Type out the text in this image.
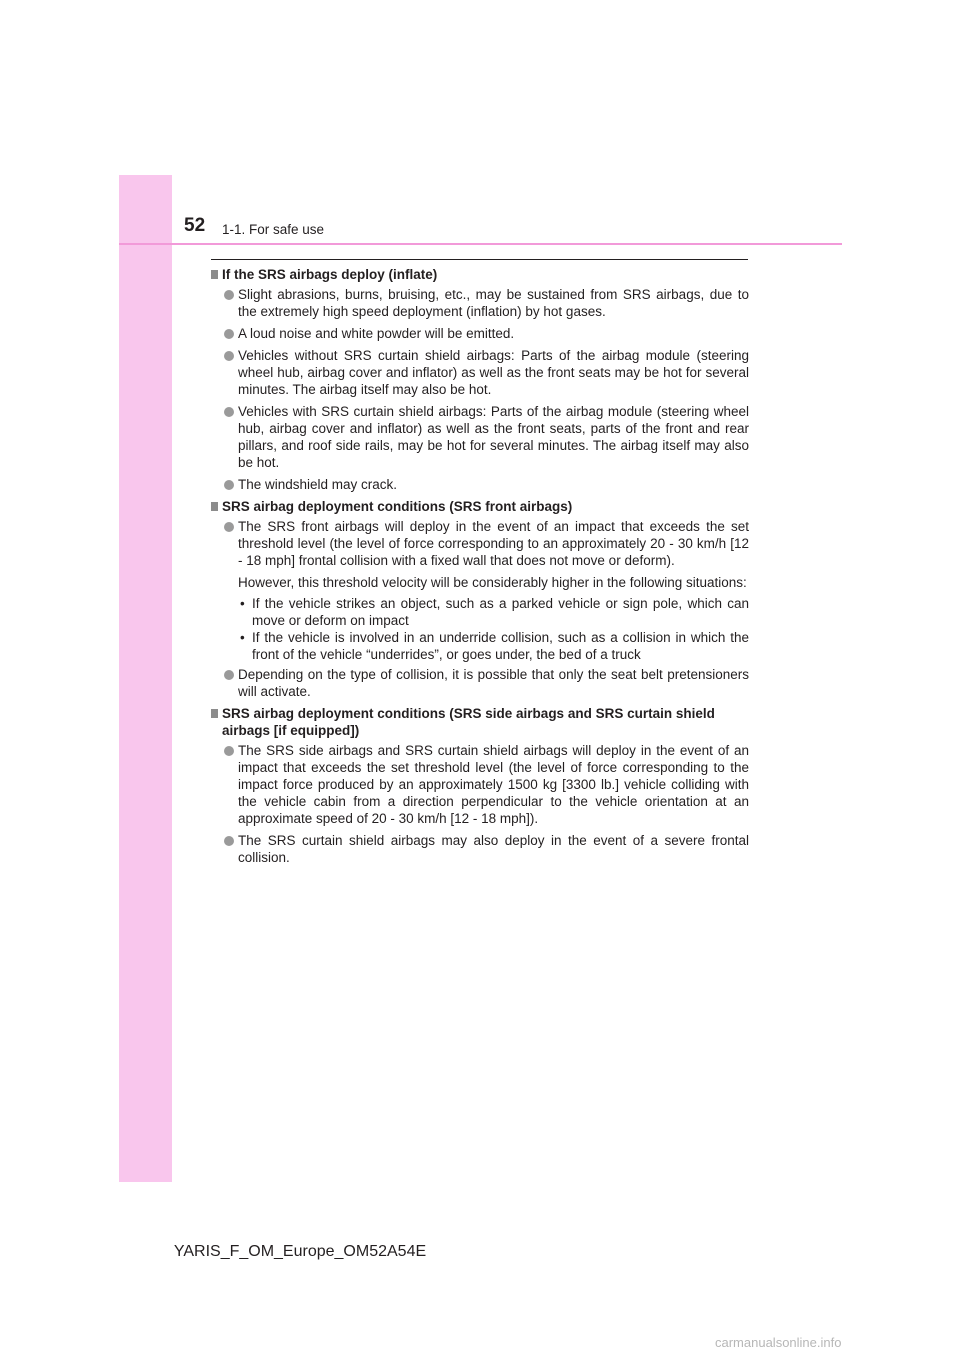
52 1-1. For safe use
If the SRS airbags deploy (inflate)
Slight abrasions, burns, bruising, etc., may be sustained from SRS airbags, due to the extremely high speed deployment (inflation) by hot gases.
A loud noise and white powder will be emitted.
Vehicles without SRS curtain shield airbags: Parts of the airbag module (steering wheel hub, airbag cover and inflator) as well as the front seats may be hot for several minutes. The airbag itself may also be hot.
Vehicles with SRS curtain shield airbags: Parts of the airbag module (steering wheel hub, airbag cover and inflator) as well as the front seats, parts of the front and rear pillars, and roof side rails, may be hot for several minutes. The airbag itself may also be hot.
The windshield may crack.
SRS airbag deployment conditions (SRS front airbags)
The SRS front airbags will deploy in the event of an impact that exceeds the set threshold level (the level of force corresponding to an approximately 20 - 30 km/h [12 - 18 mph] frontal collision with a fixed wall that does not move or deform).
However, this threshold velocity will be considerably higher in the following situations:
• If the vehicle strikes an object, such as a parked vehicle or sign pole, which can move or deform on impact
• If the vehicle is involved in an underride collision, such as a collision in which the front of the vehicle “underrides”, or goes under, the bed of a truck
Depending on the type of collision, it is possible that only the seat belt pretensioners will activate.
SRS airbag deployment conditions (SRS side airbags and SRS curtain shield airbags [if equipped])
The SRS side airbags and SRS curtain shield airbags will deploy in the event of an impact that exceeds the set threshold level (the level of force corresponding to the impact force produced by an approximately 1500 kg [3300 lb.] vehicle colliding with the vehicle cabin from a direction perpendicular to the vehicle orientation at an approximate speed of 20 - 30 km/h [12 - 18 mph]).
The SRS curtain shield airbags may also deploy in the event of a severe frontal collision.
YARIS_F_OM_Europe_OM52A54E
carmanualsonline.info
